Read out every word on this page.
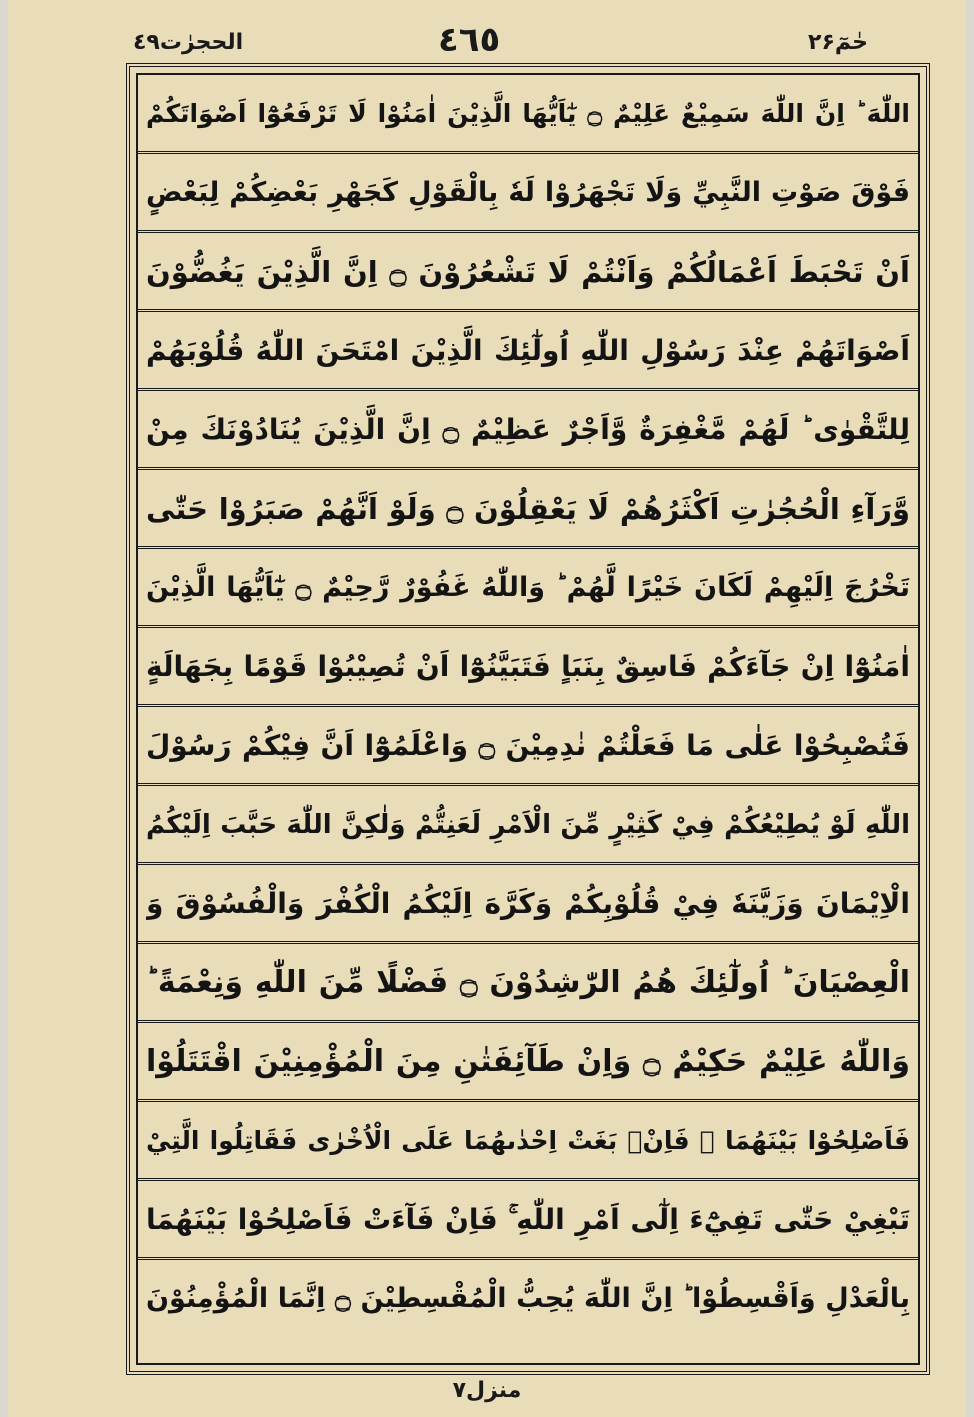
الحجرٰت٤٩	٤٦٥	حٰمٓ۲۶
اللّٰهَ ؕ اِنَّ اللّٰهَ سَمِيْعٌ عَلِيْمٌ ۝ يٰٓاَيُّهَا الَّذِيْنَ اٰمَنُوْا لَا تَرْفَعُوْٓا اَصْوَاتَكُمْ
فَوْقَ صَوْتِ النَّبِيِّ وَلَا تَجْهَرُوْا لَهٗ بِالْقَوْلِ كَجَهْرِ بَعْضِكُمْ لِبَعْضٍ
اَنْ تَحْبَطَ اَعْمَالُكُمْ وَاَنْتُمْ لَا تَشْعُرُوْنَ ۝ اِنَّ الَّذِيْنَ يَغُضُّوْنَ
اَصْوَاتَهُمْ عِنْدَ رَسُوْلِ اللّٰهِ اُولٰٓئِكَ الَّذِيْنَ امْتَحَنَ اللّٰهُ قُلُوْبَهُمْ
لِلتَّقْوٰى ؕ لَهُمْ مَّغْفِرَةٌ وَّاَجْرٌ عَظِيْمٌ ۝ اِنَّ الَّذِيْنَ يُنَادُوْنَكَ مِنْ
وَّرَآءِ الْحُجُرٰتِ اَكْثَرُهُمْ لَا يَعْقِلُوْنَ ۝ وَلَوْ اَنَّهُمْ صَبَرُوْا حَتّٰى
تَخْرُجَ اِلَيْهِمْ لَكَانَ خَيْرًا لَّهُمْ ؕ وَاللّٰهُ غَفُوْرٌ رَّحِيْمٌ ۝ يٰٓاَيُّهَا الَّذِيْنَ
اٰمَنُوْٓا اِنْ جَآءَكُمْ فَاسِقٌ بِنَبَاٍ فَتَبَيَّنُوْٓا اَنْ تُصِيْبُوْا قَوْمًا بِجَهَالَةٍ
فَتُصْبِحُوْا عَلٰى مَا فَعَلْتُمْ نٰدِمِيْنَ ۝ وَاعْلَمُوْٓا اَنَّ فِيْكُمْ رَسُوْلَ
اللّٰهِ لَوْ يُطِيْعُكُمْ فِيْ كَثِيْرٍ مِّنَ الْاَمْرِ لَعَنِتُّمْ وَلٰكِنَّ اللّٰهَ حَبَّبَ اِلَيْكُمُ
الْاِيْمَانَ وَزَيَّنَهٗ فِيْ قُلُوْبِكُمْ وَكَرَّهَ اِلَيْكُمُ الْكُفْرَ وَالْفُسُوْقَ وَ
الْعِصْيَانَ ؕ اُولٰٓئِكَ هُمُ الرّٰشِدُوْنَ ۝ فَضْلًا مِّنَ اللّٰهِ وَنِعْمَةً ؕ
وَاللّٰهُ عَلِيْمٌ حَكِيْمٌ ۝ وَاِنْ طَآئِفَتٰنِ مِنَ الْمُؤْمِنِيْنَ اقْتَتَلُوْا
فَاَصْلِحُوْا بَيْنَهُمَا ۚ فَاِنْۢ بَغَتْ اِحْدٰىهُمَا عَلَى الْاُخْرٰى فَقَاتِلُوا الَّتِيْ
تَبْغِيْ حَتّٰى تَفِيْٓءَ اِلٰٓى اَمْرِ اللّٰهِ ۚ فَاِنْ فَآءَتْ فَاَصْلِحُوْا بَيْنَهُمَا
بِالْعَدْلِ وَاَقْسِطُوْا ؕ اِنَّ اللّٰهَ يُحِبُّ الْمُقْسِطِيْنَ ۝ اِنَّمَا الْمُؤْمِنُوْنَ
منزل۷
